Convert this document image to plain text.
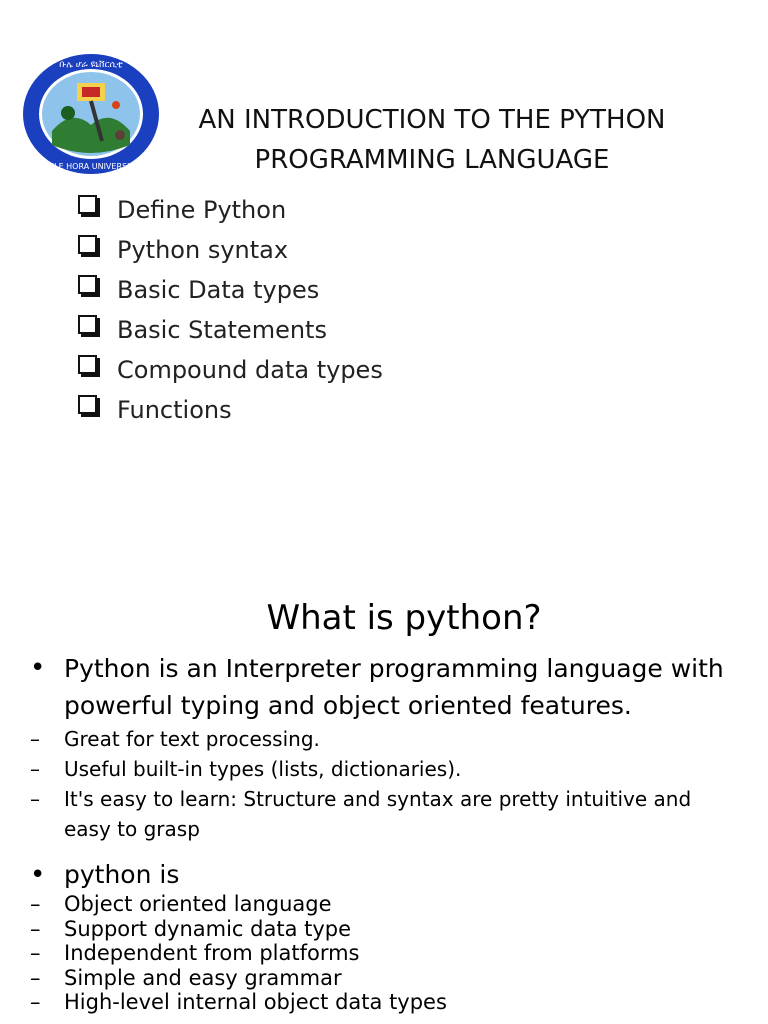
ቡሌ ሆራ ዩኒቨርሲቲ
BULE HORA UNIVERSITY
AN INTRODUCTION TO THE PYTHON
PROGRAMMING LANGUAGE
Define Python
Python syntax
Basic Data types
Basic Statements
Compound data types
Functions
What is python?
• Python is an Interpreter programming language with
powerful typing and object oriented features.
–	Great for text processing.
–	Useful built-in types (lists, dictionaries).
–	It's easy to learn: Structure and syntax are pretty intuitive and
easy to grasp
• python is
–	Object oriented language
–	Support dynamic data type
–	Independent from platforms
–	Simple and easy grammar
–	High-level internal object data types
